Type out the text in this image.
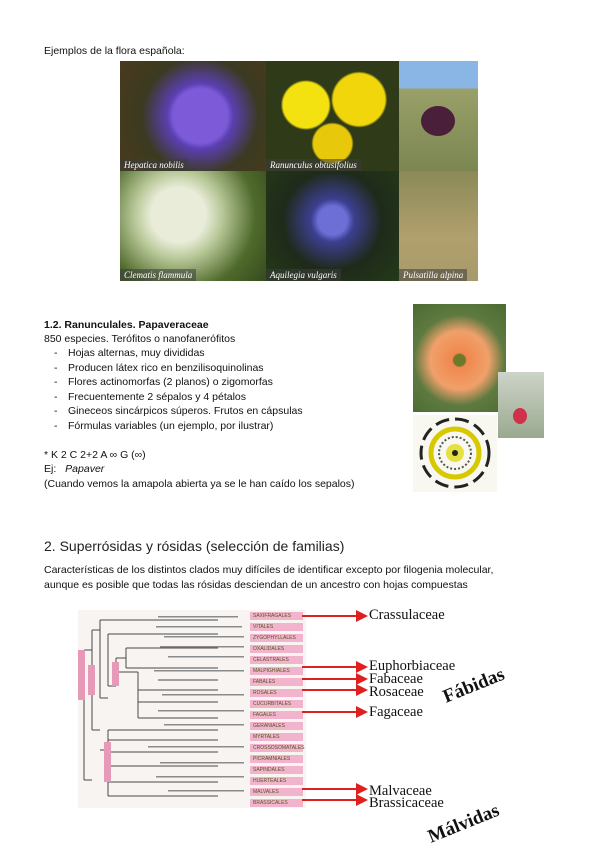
Ejemplos de la flora española:
Hepatica nobilis	Ranunculus obtusifolius
Clematis flammula	Aquilegia vulgaris	Pulsatilla alpina
1.2. Ranunculales. Papaveraceae
850 especies. Terófitos o nanofanerófitos
- Hojas alternas, muy divididas
- Producen látex rico en benzilisoquinolinas
- Flores actinomorfas (2 planos) o zigomorfas
- Frecuentemente 2 sépalos y 4 pétalos
- Gineceos sincárpicos súperos. Frutos en cápsulas
- Fórmulas variables (un ejemplo, por ilustrar)
* K 2 C 2+2 A ∞ G (∞)
Ej: Papaver
(Cuando vemos la amapola abierta ya se le han caído los sepalos)
2. Superrósidas y rósidas (selección de familias)
Características de los distintos clados muy difíciles de identificar excepto por filogenia molecular,
aunque es posible que todas las rósidas desciendan de un ancestro con hojas compuestas
SAXIFRAGALES
VITALES
ZYGOPHYLLALES
OXALIDALES
CELASTRALES
MALPIGHIALES
FABALES
ROSALES
CUCURBITALES
FAGALES
GERANIALES
MYRTALES
CROSSOSOMATALES
PICRAMNIALES
SAPINDALES
HUERTEALES
MALVALES
BRASSICALES
Crassulaceae
Euphorbiaceae
Fabaceae
Rosaceae
Fagaceae
Malvaceae
Brassicaceae
Fábidas
Málvidas
